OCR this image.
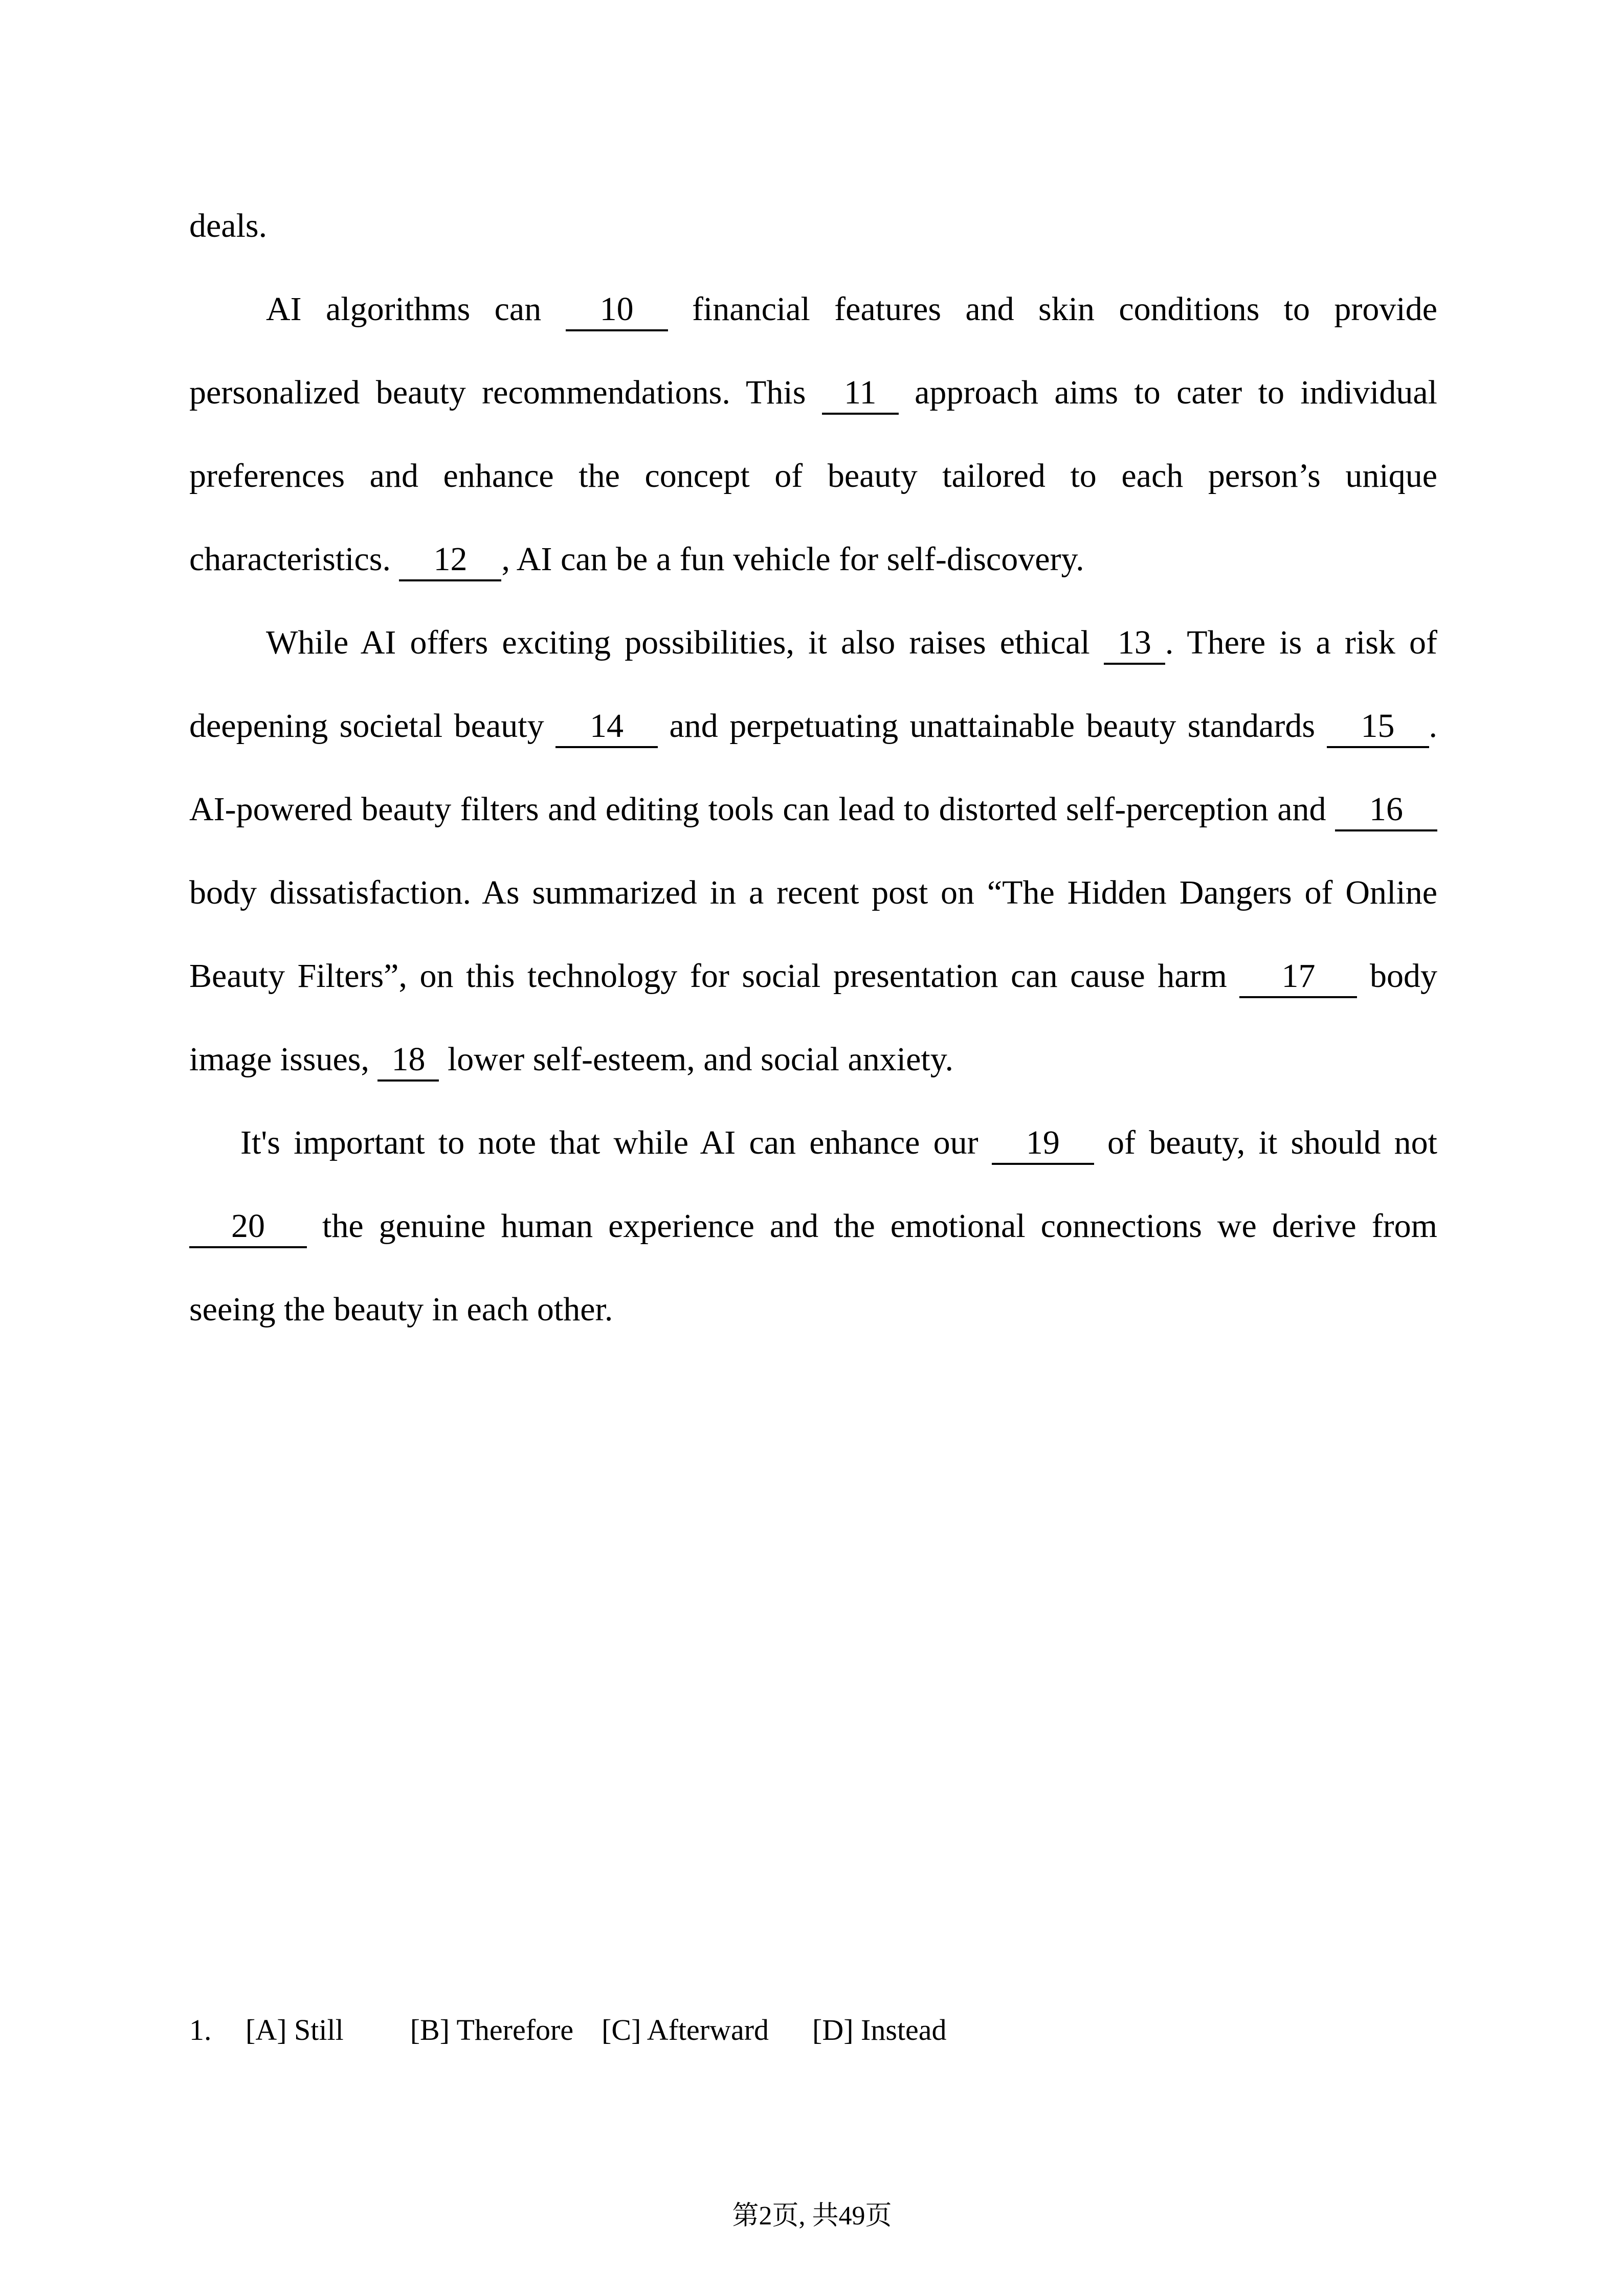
deals.

AI algorithms can 10 financial features and skin conditions to provide personalized beauty recommendations. This 11 approach aims to cater to individual preferences and enhance the concept of beauty tailored to each person’s unique characteristics. 12 , AI can be a fun vehicle for self-discovery.

While AI offers exciting possibilities, it also raises ethical 13 . There is a risk of deepening societal beauty 14 and perpetuating unattainable beauty standards 15 . AI-powered beauty filters and editing tools can lead to distorted self-perception and 16 body dissatisfaction. As summarized in a recent post on “The Hidden Dangers of Online Beauty Filters”, on this technology for social presentation can cause harm 17 body image issues, 18 lower self-esteem, and social anxiety.

It's important to note that while AI can enhance our 19 of beauty, it should not 20 the genuine human experience and the emotional connections we derive from seeing the beauty in each other.

1. [A] Still [B] Therefore [C] Afterward [D] Instead
第2页, 共49页
